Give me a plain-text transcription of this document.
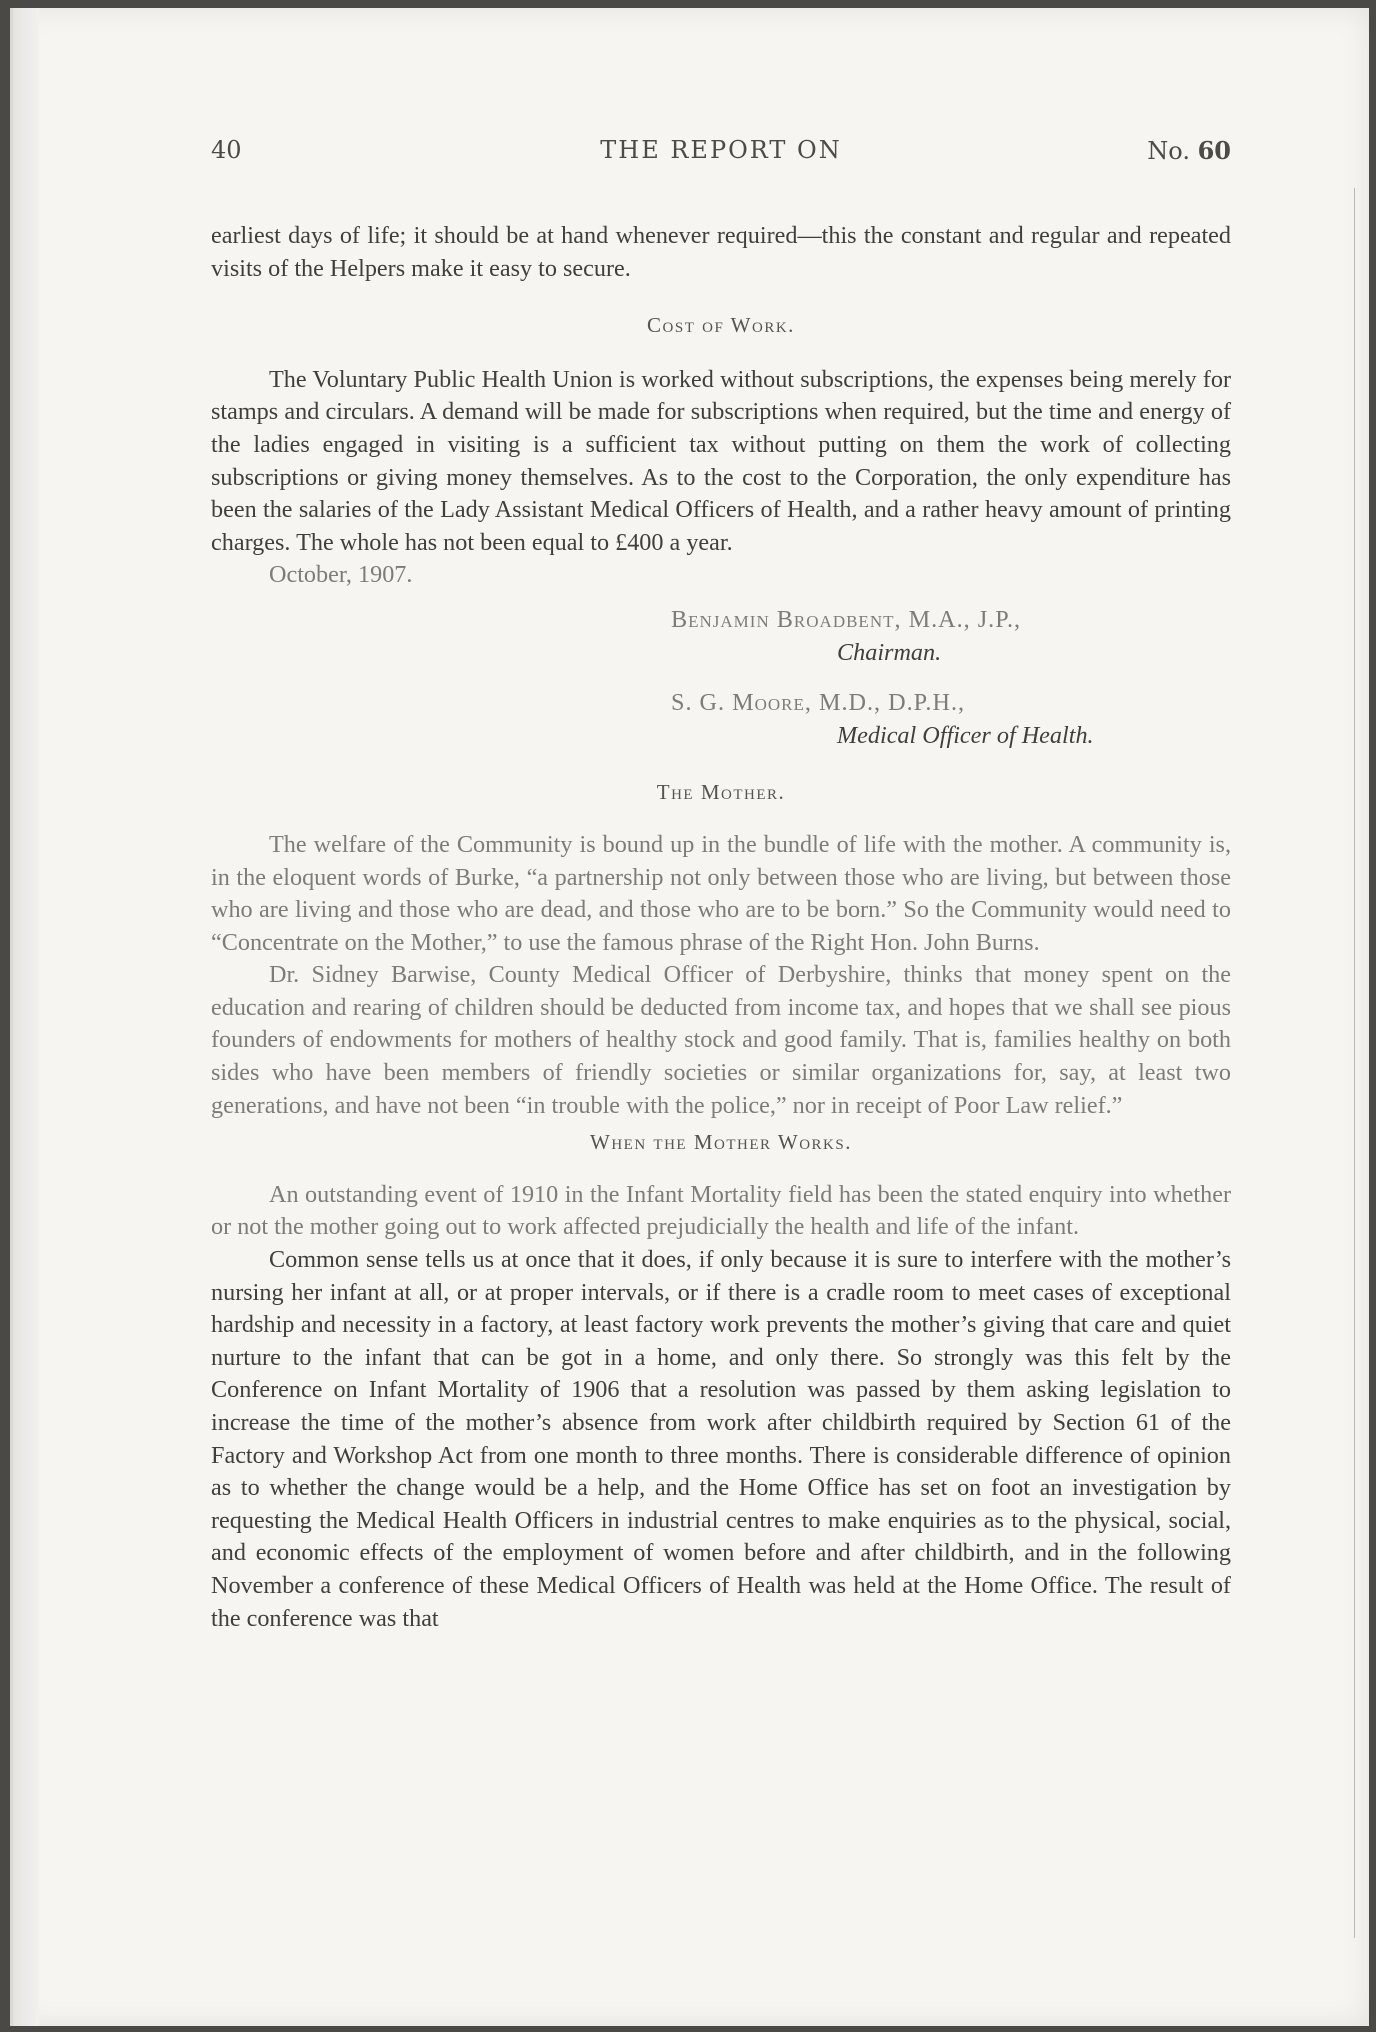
40	THE REPORT ON	No. 60

earliest days of life; it should be at hand whenever required—this the constant and regular and repeated visits of the Helpers make it easy to secure.

Cost of Work.

The Voluntary Public Health Union is worked without subscriptions, the expenses being merely for stamps and circulars. A demand will be made for subscriptions when required, but the time and energy of the ladies engaged in visiting is a sufficient tax without putting on them the work of collecting subscriptions or giving money themselves. As to the cost to the Corporation, the only expenditure has been the salaries of the Lady Assistant Medical Officers of Health, and a rather heavy amount of printing charges. The whole has not been equal to £400 a year.

October, 1907.

Benjamin Broadbent, M.A., J.P.,
Chairman.
S. G. Moore, M.D., D.P.H.,
Medical Officer of Health.
The Mother.

The welfare of the Community is bound up in the bundle of life with the mother. A community is, in the eloquent words of Burke, “a partnership not only between those who are living, but between those who are living and those who are dead, and those who are to be born.” So the Community would need to “Concentrate on the Mother,” to use the famous phrase of the Right Hon. John Burns.

Dr. Sidney Barwise, County Medical Officer of Derbyshire, thinks that money spent on the education and rearing of children should be deducted from income tax, and hopes that we shall see pious founders of endowments for mothers of healthy stock and good family. That is, families healthy on both sides who have been members of friendly societies or similar organizations for, say, at least two generations, and have not been “in trouble with the police,” nor in receipt of Poor Law relief.”

When the Mother Works.

An outstanding event of 1910 in the Infant Mortality field has been the stated enquiry into whether or not the mother going out to work affected prejudicially the health and life of the infant.

Common sense tells us at once that it does, if only because it is sure to interfere with the mother’s nursing her infant at all, or at proper intervals, or if there is a cradle room to meet cases of exceptional hardship and necessity in a factory, at least factory work prevents the mother’s giving that care and quiet nurture to the infant that can be got in a home, and only there. So strongly was this felt by the Conference on Infant Mortality of 1906 that a resolution was passed by them asking legislation to increase the time of the mother’s absence from work after childbirth required by Section 61 of the Factory and Workshop Act from one month to three months. There is considerable difference of opinion as to whether the change would be a help, and the Home Office has set on foot an investigation by requesting the Medical Health Officers in industrial centres to make enquiries as to the physical, social, and economic effects of the employment of women before and after childbirth, and in the following November a conference of these Medical Officers of Health was held at the Home Office. The result of the conference was that
